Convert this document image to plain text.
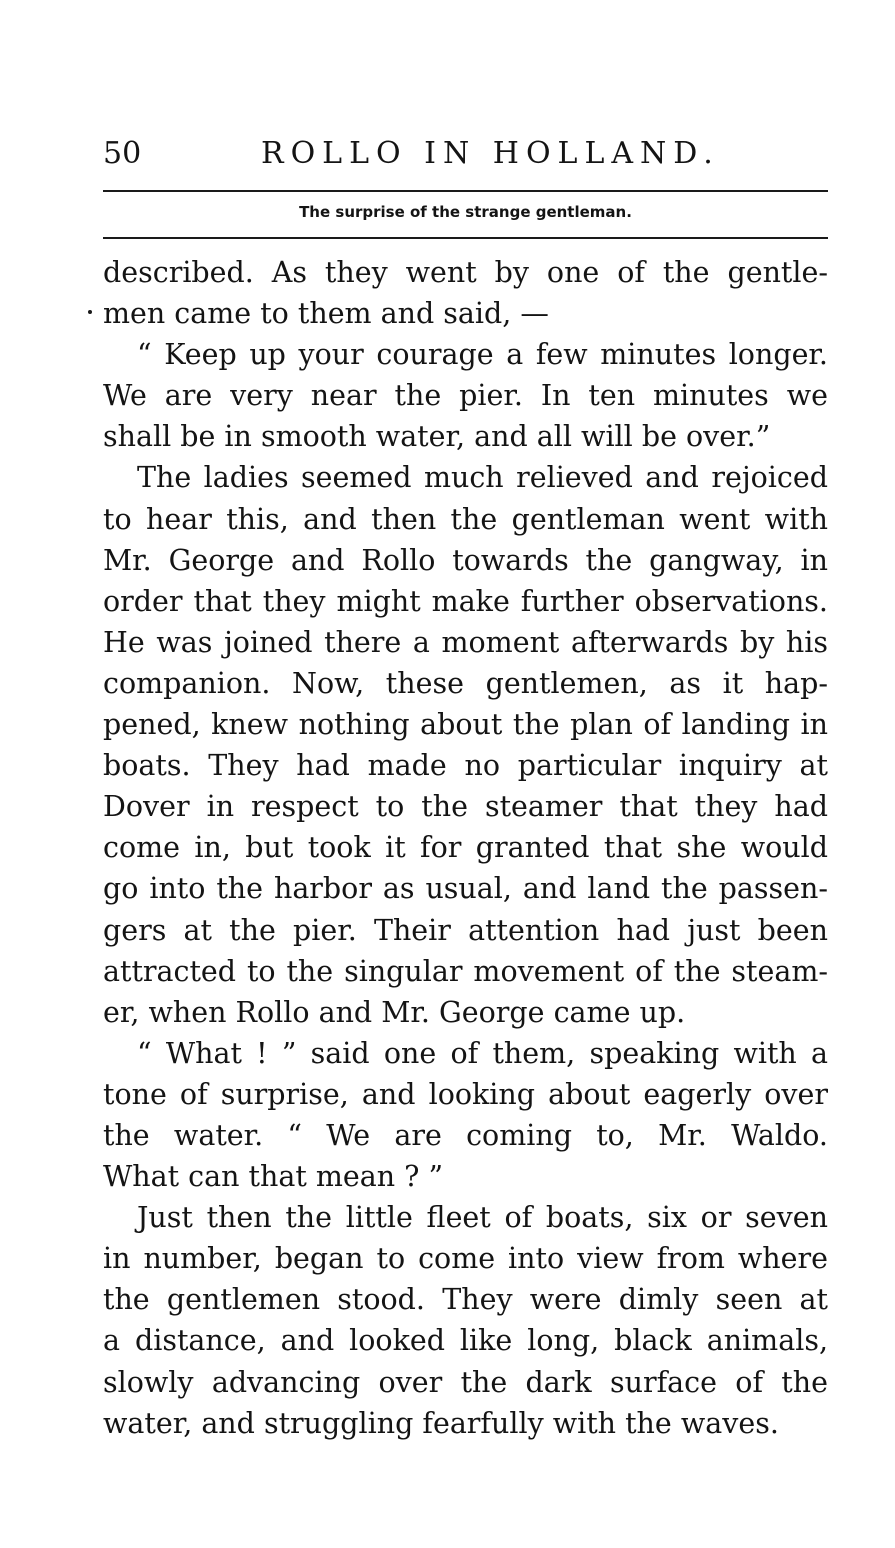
50	ROLLO IN HOLLAND.
The surprise of the strange gentleman.
described. As they went by one of the gentle-
men came to them and said, —
“ Keep up your courage a few minutes longer.
We are very near the pier. In ten minutes we
shall be in smooth water, and all will be over.”
The ladies seemed much relieved and rejoiced
to hear this, and then the gentleman went with
Mr. George and Rollo towards the gangway, in
order that they might make further observations.
He was joined there a moment afterwards by his
companion. Now, these gentlemen, as it hap-
pened, knew nothing about the plan of landing in
boats. They had made no particular inquiry at
Dover in respect to the steamer that they had
come in, but took it for granted that she would
go into the harbor as usual, and land the passen-
gers at the pier. Their attention had just been
attracted to the singular movement of the steam-
er, when Rollo and Mr. George came up.
“ What ! ” said one of them, speaking with a
tone of surprise, and looking about eagerly over
the water. “ We are coming to, Mr. Waldo.
What can that mean ? ”
Just then the little fleet of boats, six or seven
in number, began to come into view from where
the gentlemen stood. They were dimly seen at
a distance, and looked like long, black animals,
slowly advancing over the dark surface of the
water, and struggling fearfully with the waves.
